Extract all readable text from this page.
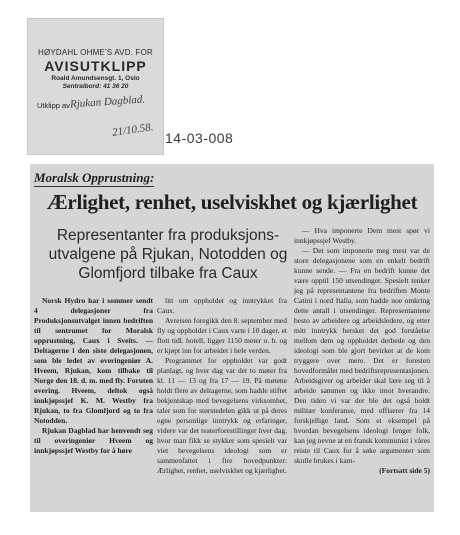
HØYDAHL OHME'S AVD. FOR
AVISUTKLIPP
Roald Amundsensgt. 1, Oslo
Sentralbord: 41 36 20
Utklipp av Rjukan Dagblad.
21/10.58. 14-03-008
Moralsk Opprustning:
Ærlighet, renhet, uselviskhet og kjærlighet
Representanter fra produksjons-utvalgene på Rjukan, Notodden og Glomfjord tilbake fra Caux

Norsk Hydro har i sommer sendt 4 delegasjoner fra Produksjonsutvalget innen bedriften til sentrumet for Moralsk opprustning, Caux i Sveits. — Deltagerne i den siste delegasjonen, som ble ledet av overingeniør A. Hveem, Rjukan, kom tilbake til Norge den 18. d. m. med fly. Foruten overing. Hveem, deltok også innkjøpssjef K. M. Westby fra Rjukan, to fra Glomfjord og to fra Notodden.

Rjukan Dagblad har henvendt seg til overingeniør Hveem og innkjøpssjef Westby for å høre

litt om oppholdet og inntrykket fra Caux.

Avreisen foregikk den 8. september med fly og oppholdet i Caux varte i 10 dager, et flott tidl. hotell, ligger 1150 meter o. h. og er kjøpt inn for arbeidet i hele verden.

Programmet for oppholdet var godt planlagt, og hver dag var det to møter fra kl. 11 — 13 og fra 17 — 19. På møtene holdt flere av deltagerne, som hadde stiftet bekjentskap med bevegelsens virksomhet, taler som for størstedelen gikk ut på deres egne personlige inntrykk og erfaringer, videre var det teaterforestillinger hver dag, hvor man fikk se stykker som spesielt var viet bevegelsens ideologi som er sammenfattet i fire hovedpunkter: Ærlighet, renhet, uselviskhet og kjærlighet.

— Hva imponerte Dem mest spør vi innkjøpssjef Westby.

— Det som imponerte meg mest var de store delegasjonene som en enkelt bedrift kunne sende. — Fra en bedrift kunne det være opptil 150 utsendinger. Spesielt tenker jeg på representantene fra bedriften Monte Catini i nord Italia, som hadde noe omkring dette antall i utsendinger. Representantene besto av arbeidere og arbeidsledere, og etter mitt inntrykk hersket det god forståelse mellom dem og oppholdet derhede og den ideologi som ble gjort bevirket at de kom tryggere over mere. Det er foresten hovedformålet med bedriftsrepresentasjonen. Arbeidsgiver og arbeider skal lære seg til å arbeide sammen og ikke imot hverandre. Den tiden vi var der ble det også holdt militær konferanse, med offiserer fra 14 forskjellige land. Som et eksempel på hvordan bevegelsens ideologi fenger folk, kan jeg nevne at en fransk kommunist i våres reiste til Caux for å søke argumenter som skulle brukes i kam-

(Fortsatt side 5)
